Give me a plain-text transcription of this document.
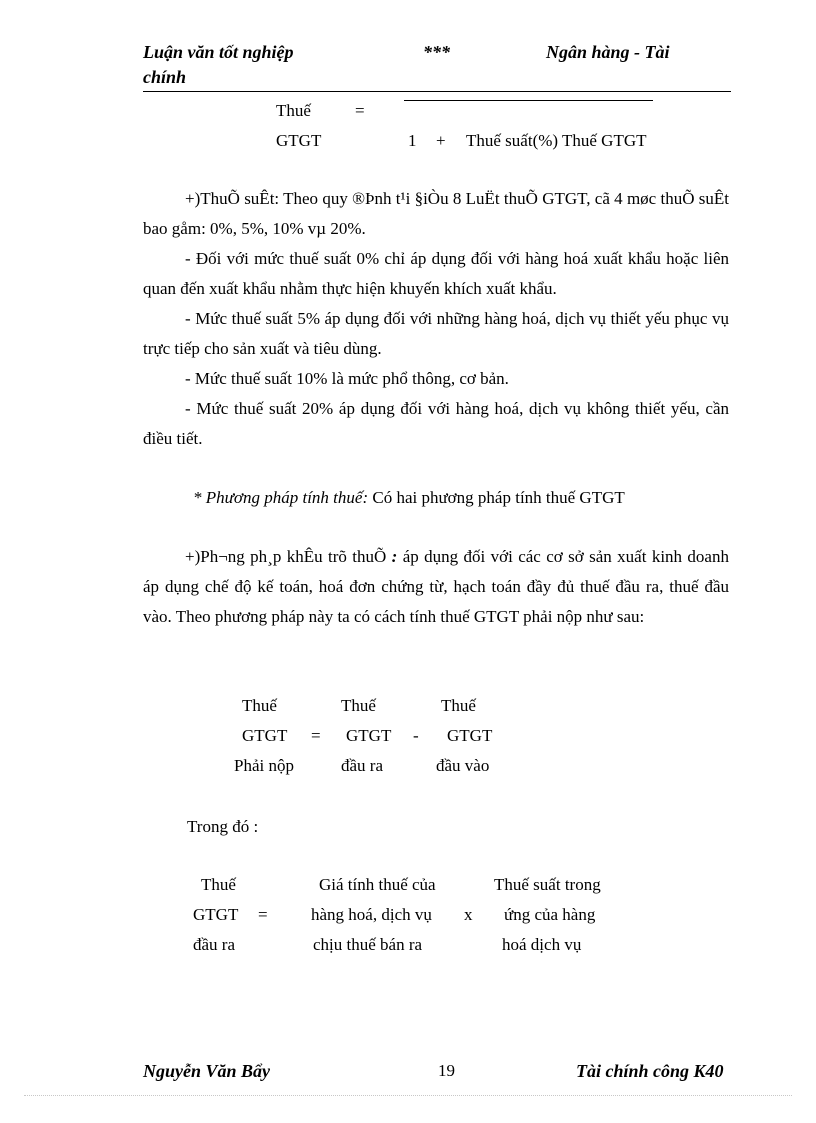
Luận văn tốt nghiệp
chính
***	Ngân hàng - Tài
Thuế	=
GTGT	1 + Thuế suất(%) Thuế GTGT

+)ThuÕ suÊt: Theo quy ®Þnh t¹i §iÒu 8 LuËt thuÕ GTGT, cã 4 møc thuÕ suÊt bao gåm: 0%, 5%, 10% vµ 20%.

- Đối với mức thuế suất 0% chỉ áp dụng đối với hàng hoá xuất khẩu hoặc liên quan đến xuất khẩu nhằm thực hiện khuyến khích xuất khẩu.

- Mức thuế suất 5% áp dụng đối với những hàng hoá, dịch vụ thiết yếu phục vụ trực tiếp cho sản xuất và tiêu dùng.

- Mức thuế suất 10% là mức phổ thông, cơ bản.

- Mức thuế suất 20% áp dụng đối với hàng hoá, dịch vụ không thiết yếu, cần điều tiết.

* Phương pháp tính thuế: Có hai phương pháp tính thuế GTGT

+)Ph¬ng ph¸p khÊu trõ thuÕ : áp dụng đối với các cơ sở sản xuất kinh doanh áp dụng chế độ kế toán, hoá đơn chứng từ, hạch toán đầy đủ thuế đầu ra, thuế đầu vào. Theo phương pháp này ta có cách tính thuế GTGT phải nộp như sau:

Thuế
GTGT
Phải nộp
=
Thuế
GTGT
đầu ra
-
Thuế
GTGT
đầu vào
Trong đó :
Thuế
GTGT
đầu ra
=
Giá tính thuế của
hàng hoá, dịch vụ
chịu thuế bán ra
x
Thuế suất trong
ứng của hàng
hoá dịch vụ
Nguyễn Văn Bẩy	19	Tài chính công K40
